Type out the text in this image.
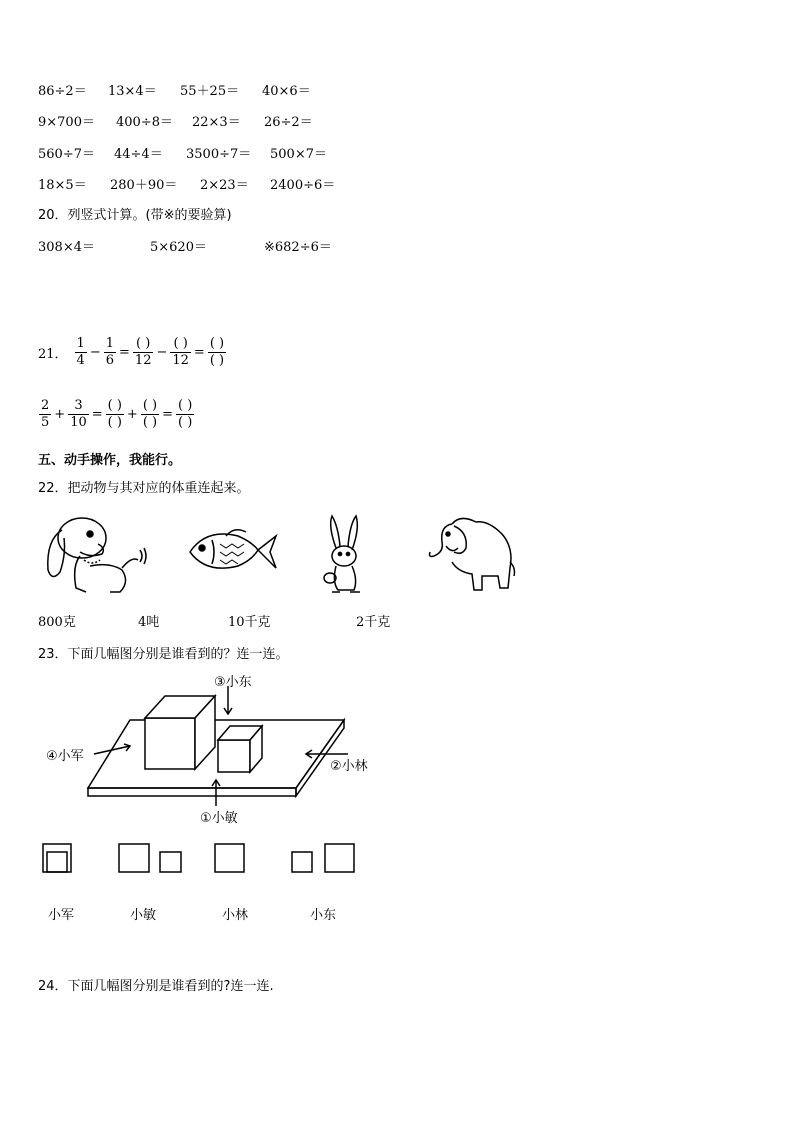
86÷2＝ 13×4＝ 55＋25＝ 40×6＝
9×700＝ 400÷8＝ 22×3＝ 26÷2＝
560÷7＝ 44÷4＝ 3500÷7＝ 500×7＝
18×5＝ 280＋90＝ 2×23＝ 2400÷6＝
20．列竖式计算。(带※的要验算)
308×4＝	5×620＝	※682÷6＝
21．
1
4
−
1
6
=
( )
12
−
( )
12
=
( )
( )
2
5
+
3
10
=
( )
( )
+
( )
( )
=
( )
( )
五、动手操作，我能行。
22．把动物与其对应的体重连起来。
800克	4吨	10千克	2千克
23．下面几幅图分别是谁看到的？连一连。
③小东
④小军
②小林
①小敏
小军	小敏	小林	小东
24．下面几幅图分别是谁看到的?连一连.
